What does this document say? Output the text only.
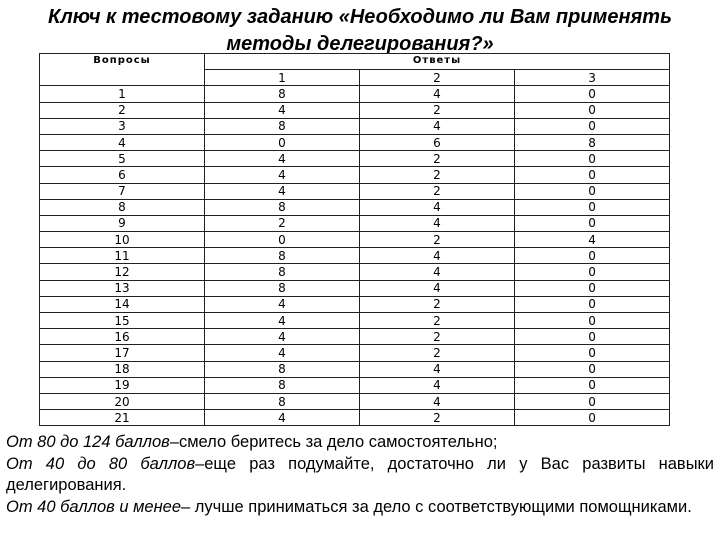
Ключ к тестовому заданию «Необходимо ли Вам применять
методы делегирования?»
Вопросы	Ответы		
	1	2	3
1	8	4	0
2	4	2	0
3	8	4	0
4	0	6	8
5	4	2	0
6	4	2	0
7	4	2	0
8	8	4	0
9	2	4	0
10	0	2	4
11	8	4	0
12	8	4	0
13	8	4	0
14	4	2	0
15	4	2	0
16	4	2	0
17	4	2	0
18	8	4	0
19	8	4	0
20	8	4	0
21	4	2	0

От 80 до 124 баллов–смело беритесь за дело самостоятельно;

От 40 до 80 баллов–еще раз подумайте, достаточно ли у Вас развиты навыки делегирования.

От 40 баллов и менее– лучше приниматься за дело с соответствующими помощниками.
